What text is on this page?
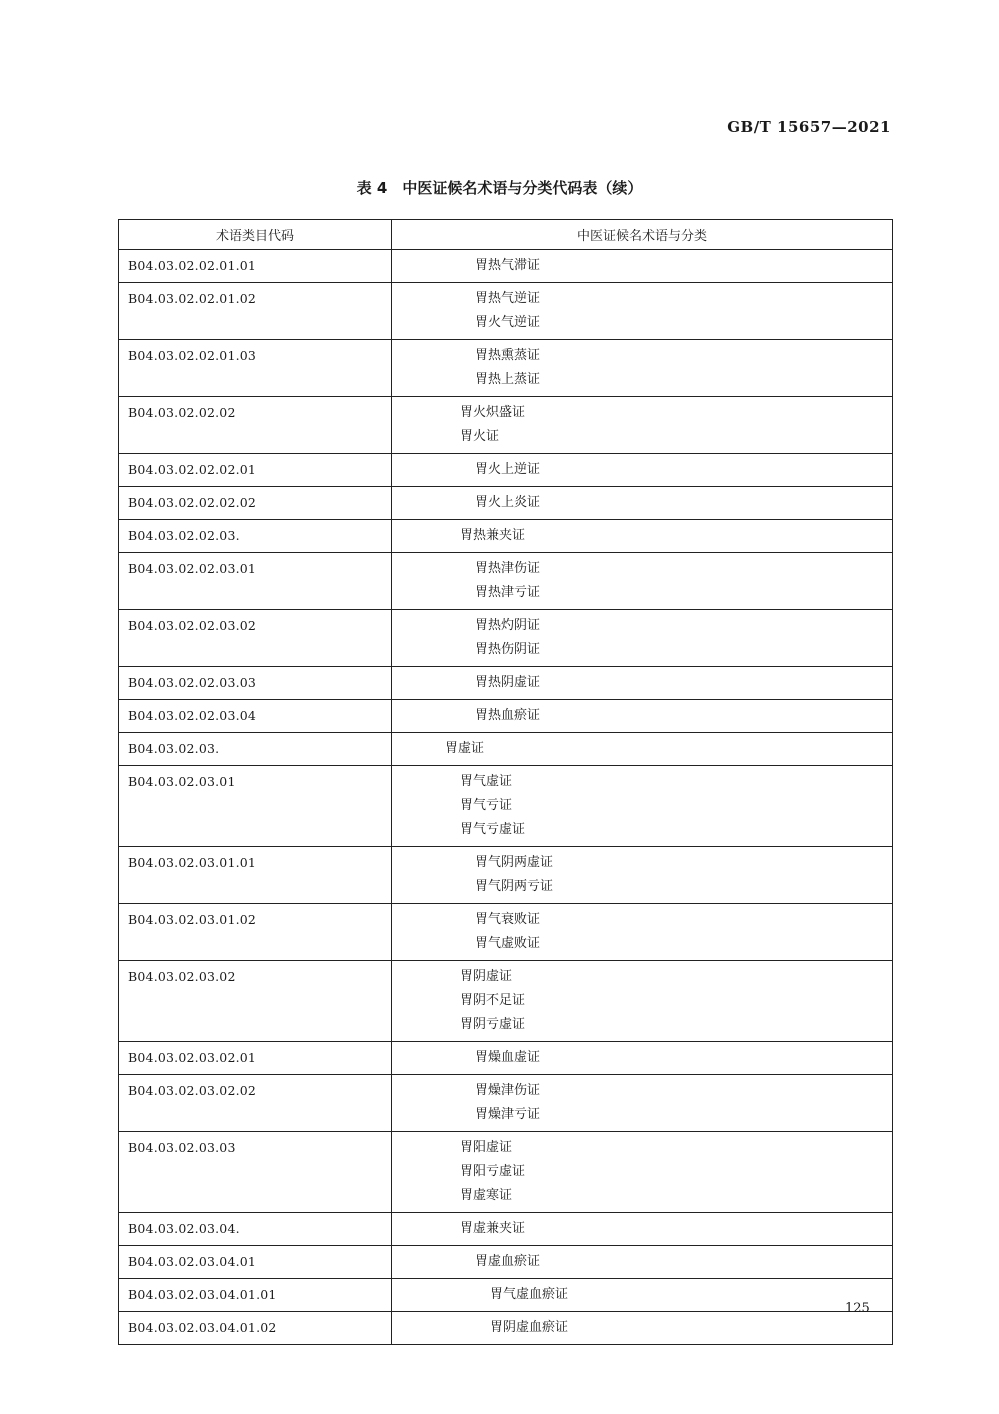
GB/T 15657—2021
表 4　中医证候名术语与分类代码表（续）
术语类目代码	中医证候名术语与分类

B04.03.02.02.01.01	胃热气滞证

B04.03.02.02.01.02	胃热气逆证
胃火气逆证

B04.03.02.02.01.03	胃热熏蒸证
胃热上蒸证

B04.03.02.02.02	胃火炽盛证
胃火证

B04.03.02.02.02.01	胃火上逆证

B04.03.02.02.02.02	胃火上炎证

B04.03.02.02.03.	胃热兼夹证

B04.03.02.02.03.01	胃热津伤证
胃热津亏证

B04.03.02.02.03.02	胃热灼阴证
胃热伤阴证

B04.03.02.02.03.03	胃热阴虚证

B04.03.02.02.03.04	胃热血瘀证

B04.03.02.03.	胃虚证

B04.03.02.03.01	胃气虚证
胃气亏证
胃气亏虚证

B04.03.02.03.01.01	胃气阴两虚证
胃气阴两亏证

B04.03.02.03.01.02	胃气衰败证
胃气虚败证

B04.03.02.03.02	胃阴虚证
胃阴不足证
胃阴亏虚证

B04.03.02.03.02.01	胃燥血虚证

B04.03.02.03.02.02	胃燥津伤证
胃燥津亏证

B04.03.02.03.03	胃阳虚证
胃阳亏虚证
胃虚寒证

B04.03.02.03.04.	胃虚兼夹证

B04.03.02.03.04.01	胃虚血瘀证

B04.03.02.03.04.01.01	胃气虚血瘀证

B04.03.02.03.04.01.02	胃阴虚血瘀证
125
